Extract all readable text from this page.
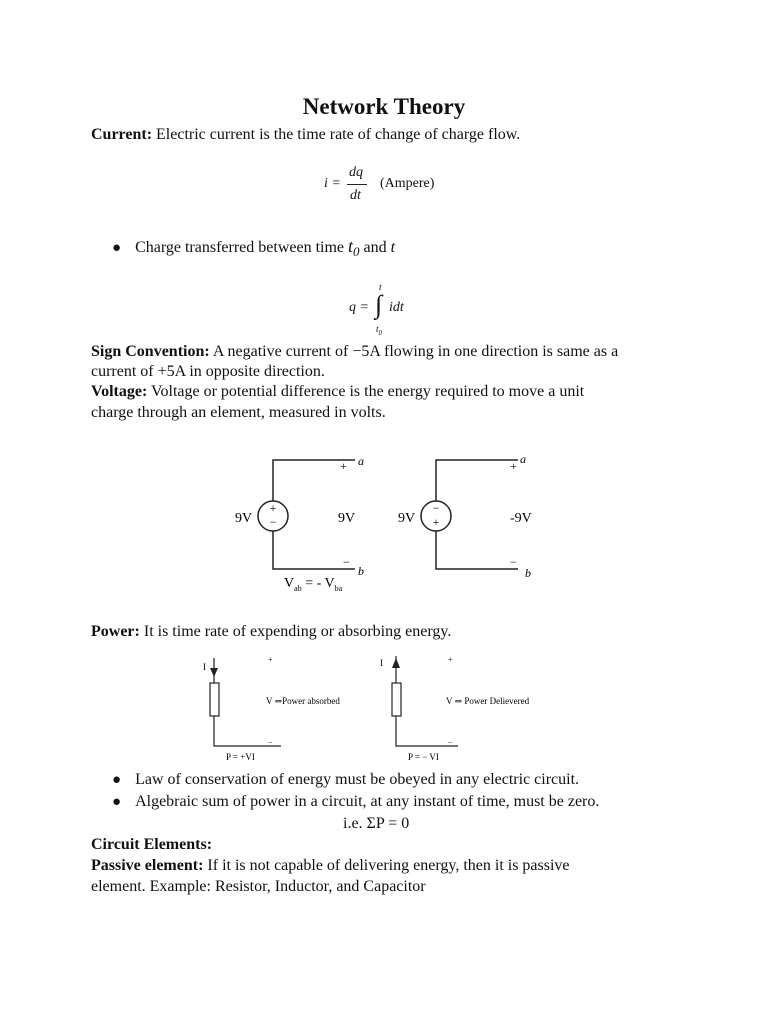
Network Theory
Current: Electric current is the time rate of change of charge flow.
i =
dq
dt
(Ampere)
● Charge transferred between time $t_0$ and t
q =
t
∫
$t_0$
idt
Sign Convention: A negative current of −5A flowing in one direction is same as a
current of +5A in opposite direction.
Voltage: Voltage or potential difference is the energy required to move a unit
charge through an element, measured in volts.
+
−
9V	9V
+ a
−
b
$V_{ab}$ = - $V_{ba}$
−
+
9V	-9V
+ a
−
b
Power: It is time rate of expending or absorbing energy.
I
+
V ⇒Power absorbed
−
P = +VI
I	+
V ⇒ Power Delievered
−
P = − VI
● Law of conservation of energy must be obeyed in any electric circuit.
● Algebraic sum of power in a circuit, at any instant of time, must be zero.
i.e. ΣP = 0
Circuit Elements:
Passive element: If it is not capable of delivering energy, then it is passive
element. Example: Resistor, Inductor, and Capacitor
